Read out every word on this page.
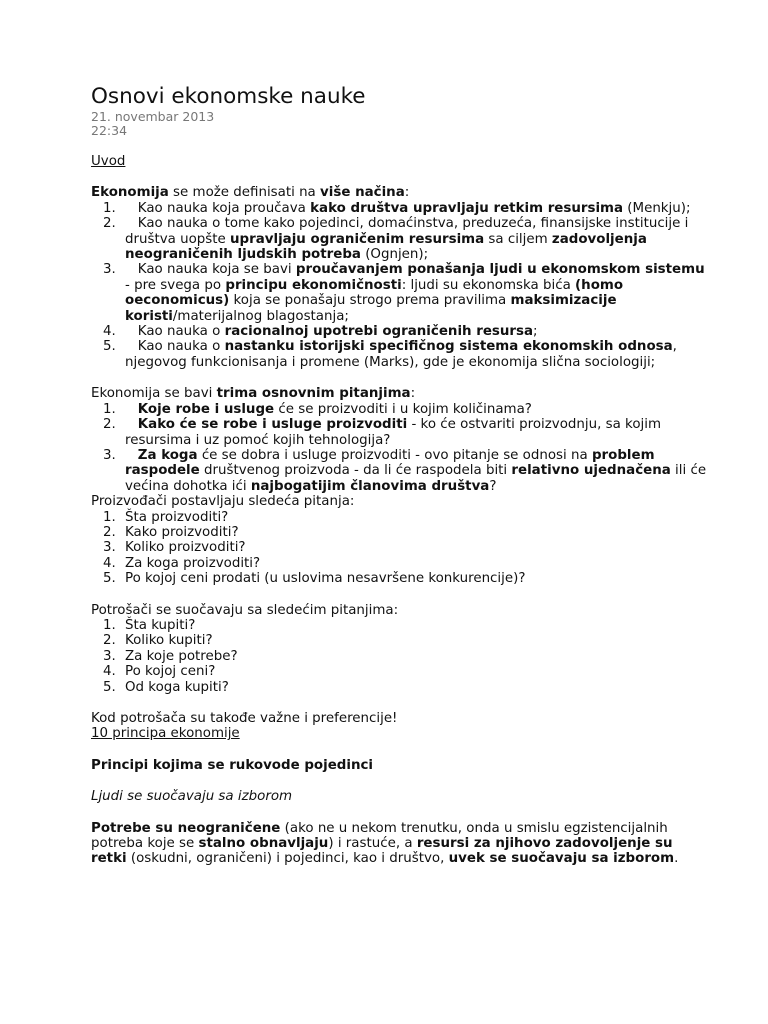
Osnovi ekonomske nauke
21. novembar 2013
22:34
Uvod
Ekonomija se može definisati na više načina:
1.	Kao nauka koja proučava kako društva upravljaju retkim resursima (Menkju);
2.	Kao nauka o tome kako pojedinci, domaćinstva, preduzeća, finansijske institucije i društva uopšte upravljaju ograničenim resursima sa ciljem zadovoljenja neograničenih ljudskih potreba (Ognjen);
3.	Kao nauka koja se bavi proučavanjem ponašanja ljudi u ekonomskom sistemu - pre svega po principu ekonomičnosti: ljudi su ekonomska bića (homo oeconomicus) koja se ponašaju strogo prema pravilima maksimizacije koristi/materijalnog blagostanja;
4.	Kao nauka o racionalnoj upotrebi ograničenih resursa;
5.	Kao nauka o nastanku istorijski specifičnog sistema ekonomskih odnosa, njegovog funkcionisanja i promene (Marks), gde je ekonomija slična sociologiji;
Ekonomija se bavi trima osnovnim pitanjima:
1.	Koje robe i usluge će se proizvoditi i u kojim količinama?
2.	Kako će se robe i usluge proizvoditi - ko će ostvariti proizvodnju, sa kojim resursima i uz pomoć kojih tehnologija?
3.	Za koga će se dobra i usluge proizvoditi - ovo pitanje se odnosi na problem raspodele društvenog proizvoda - da li će raspodela biti relativno ujednačena ili će većina dohotka ići najbogatijim članovima društva?
Proizvođači postavljaju sledeća pitanja:
1. Šta proizvoditi?
2. Kako proizvoditi?
3. Koliko proizvoditi?
4. Za koga proizvoditi?
5. Po kojoj ceni prodati (u uslovima nesavršene konkurencije)?
Potrošači se suočavaju sa sledećim pitanjima:
1. Šta kupiti?
2. Koliko kupiti?
3. Za koje potrebe?
4. Po kojoj ceni?
5. Od koga kupiti?
Kod potrošača su takođe važne i preferencije!
10 principa ekonomije
Principi kojima se rukovode pojedinci
Ljudi se suočavaju sa izborom
Potrebe su neograničene (ako ne u nekom trenutku, onda u smislu egzistencijalnih potreba koje se stalno obnavljaju) i rastuće, a resursi za njihovo zadovoljenje su retki (oskudni, ograničeni) i pojedinci, kao i društvo, uvek se suočavaju sa izborom.
